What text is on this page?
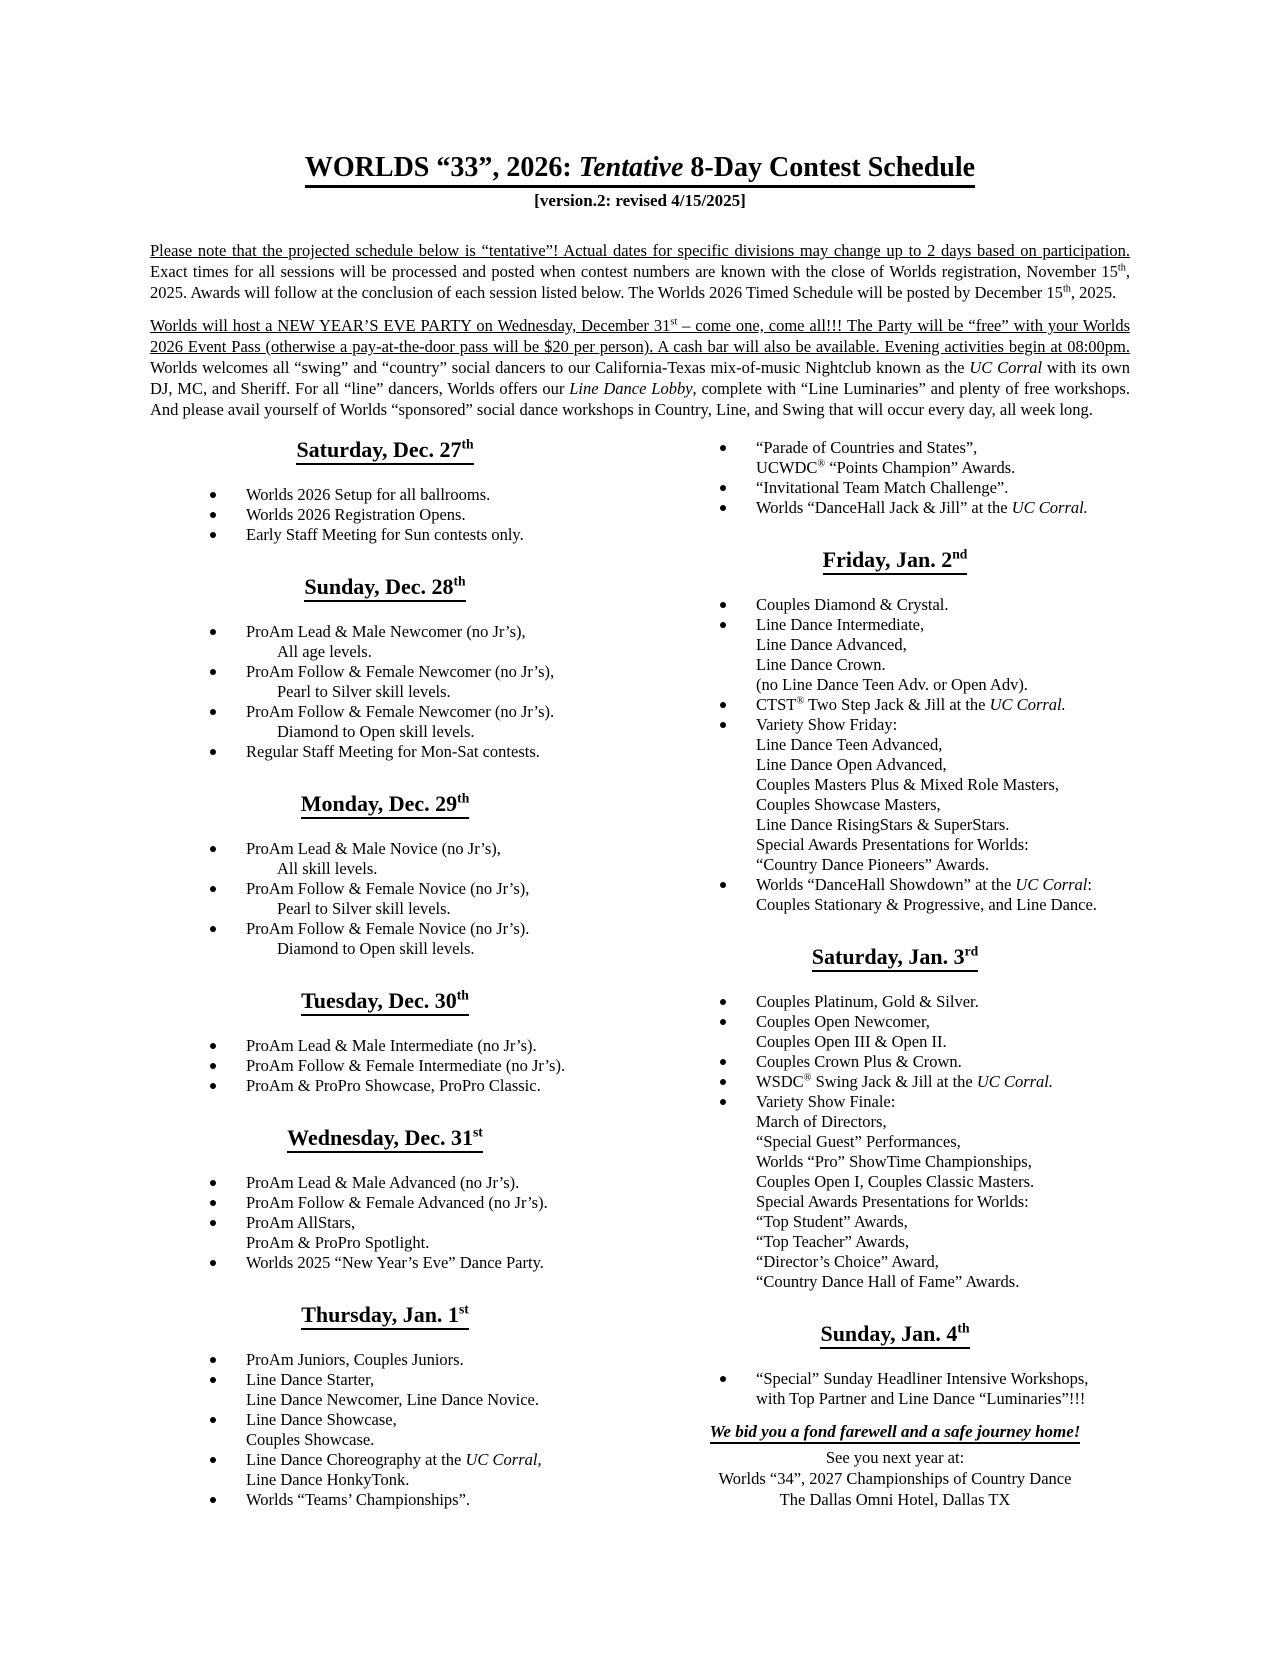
WORLDS “33”, 2026: Tentative 8-Day Contest Schedule
[version.2: revised 4/15/2025]

Please note that the projected schedule below is “tentative”! Actual dates for specific divisions may change up to 2 days based on participation. Exact times for all sessions will be processed and posted when contest numbers are known with the close of Worlds registration, November 15th, 2025. Awards will follow at the conclusion of each session listed below. The Worlds 2026 Timed Schedule will be posted by December 15th, 2025.

Worlds will host a NEW YEAR’S EVE PARTY on Wednesday, December 31st – come one, come all!!! The Party will be “free” with your Worlds 2026 Event Pass (otherwise a pay-at-the-door pass will be $20 per person). A cash bar will also be available. Evening activities begin at 08:00pm. Worlds welcomes all “swing” and “country” social dancers to our California-Texas mix-of-music Nightclub known as the UC Corral with its own DJ, MC, and Sheriff. For all “line” dancers, Worlds offers our Line Dance Lobby, complete with “Line Luminaries” and plenty of free workshops. And please avail yourself of Worlds “sponsored” social dance workshops in Country, Line, and Swing that will occur every day, all week long.

Saturday, Dec. 27th
Worlds 2026 Setup for all ballrooms.
Worlds 2026 Registration Opens.
Early Staff Meeting for Sun contests only.
Sunday, Dec. 28th
ProAm Lead & Male Newcomer (no Jr’s),
All age levels.
ProAm Follow & Female Newcomer (no Jr’s),
Pearl to Silver skill levels.
ProAm Follow & Female Newcomer (no Jr’s).
Diamond to Open skill levels.
Regular Staff Meeting for Mon-Sat contests.
Monday, Dec. 29th
ProAm Lead & Male Novice (no Jr’s),
All skill levels.
ProAm Follow & Female Novice (no Jr’s),
Pearl to Silver skill levels.
ProAm Follow & Female Novice (no Jr’s).
Diamond to Open skill levels.
Tuesday, Dec. 30th
ProAm Lead & Male Intermediate (no Jr’s).
ProAm Follow & Female Intermediate (no Jr’s).
ProAm & ProPro Showcase, ProPro Classic.
Wednesday, Dec. 31st
ProAm Lead & Male Advanced (no Jr’s).
ProAm Follow & Female Advanced (no Jr’s).
ProAm AllStars,
ProAm & ProPro Spotlight.
Worlds 2025 “New Year’s Eve” Dance Party.
Thursday, Jan. 1st
ProAm Juniors, Couples Juniors.
Line Dance Starter,
Line Dance Newcomer, Line Dance Novice.
Line Dance Showcase,
Couples Showcase.
Line Dance Choreography at the UC Corral,
Line Dance HonkyTonk.
Worlds “Teams’ Championships”.
“Parade of Countries and States”,
UCWDC® “Points Champion” Awards.
“Invitational Team Match Challenge”.
Worlds “DanceHall Jack & Jill” at the UC Corral.
Friday, Jan. 2nd
Couples Diamond & Crystal.
Line Dance Intermediate,
Line Dance Advanced,
Line Dance Crown.
(no Line Dance Teen Adv. or Open Adv).
CTST® Two Step Jack & Jill at the UC Corral.
Variety Show Friday:
Line Dance Teen Advanced,
Line Dance Open Advanced,
Couples Masters Plus & Mixed Role Masters,
Couples Showcase Masters,
Line Dance RisingStars & SuperStars.
Special Awards Presentations for Worlds:
“Country Dance Pioneers” Awards.
Worlds “DanceHall Showdown” at the UC Corral:
Couples Stationary & Progressive, and Line Dance.
Saturday, Jan. 3rd
Couples Platinum, Gold & Silver.
Couples Open Newcomer,
Couples Open III & Open II.
Couples Crown Plus & Crown.
WSDC® Swing Jack & Jill at the UC Corral.
Variety Show Finale:
March of Directors,
“Special Guest” Performances,
Worlds “Pro” ShowTime Championships,
Couples Open I, Couples Classic Masters.
Special Awards Presentations for Worlds:
“Top Student” Awards,
“Top Teacher” Awards,
“Director’s Choice” Award,
“Country Dance Hall of Fame” Awards.
Sunday, Jan. 4th
“Special” Sunday Headliner Intensive Workshops,
with Top Partner and Line Dance “Luminaries”!!!
We bid you a fond farewell and a safe journey home!
See you next year at:
Worlds “34”, 2027 Championships of Country Dance
The Dallas Omni Hotel, Dallas TX
